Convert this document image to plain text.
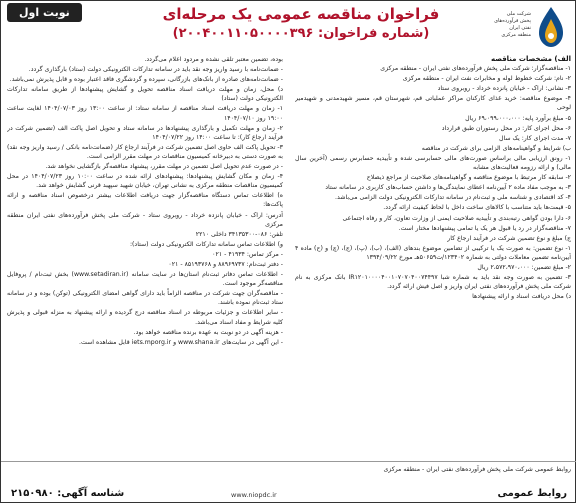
نوبت اول	فراخوان مناقصه عمومی یک مرحله‌ای
(شماره فراخوان: ۲۰۰۴۰۰۱۱۰۵۰۰۰۰۳۹۶)
شرکت ملی
پخش فرآورده‌های
نفتی ایران
منطقه مرکزی
الف) مشخصات مناقصه
۱- مناقصه‌گزار: شرکت ملی پخش فرآورده‌های نفتی ایران - منطقه مرکزی
۲- نام: شرکت خطوط لوله و مخابرات نفت ایران - منطقه مرکزی
۳- نشانی: اراک - خیابان پانزده خرداد - روبروی ستاد
۴- موضوع مناقصه: خرید غذای کارکنان مراکز عملیاتی قم، شهرستان قم، مسیر شهیدمدنی و شهیدمیر لوحی
۵- مبلغ برآورد پایه: ۶۹،۰۹۹،۰۰۰،۰۰۰ ریال
۶- محل اجرای کار: در محل رستوران طبق قرارداد
۷- مدت اجرای کار: یک سال
ب) شرایط و گواهینامه‌های الزامی برای شرکت در مناقصه
۱- رونق ارزیابی مالی براساس صورت‌های مالی حسابرسی شده و تأییدیه حسابرس رسمی (آخرین سال مالی) و ارائه رزومه فعالیت‌های مشابه
۲- سابقه کار مرتبط با موضوع مناقصه و گواهینامه‌های صلاحیت از مراجع ذیصلاح
۳- به موجب مفاد ماده ۲ آیین‌نامه اعطای نمایندگی‌ها و داشتن حساب‌های کاربری در سامانه ستاد
۴- کد اقتصادی و شناسه ملی و ثبت‌نام در سامانه تدارکات الکترونیکی دولت الزامی می‌باشد.
۵- قیمت‌ها باید متناسب با کالاهای ساخت داخل با لحاظ کیفیت ارائه گردد.
۶- دارا بودن گواهی رتبه‌بندی و تأییدیه صلاحیت ایمنی از وزارت تعاون، کار و رفاه اجتماعی
۷- مناقصه‌گزار در رد یا قبول هر یک یا تمامی پیشنهادها مختار است.
ج) مبلغ و نوع تضمین شرکت در فرآیند ارجاع کار
۱- نوع تضمین: به صورت یک یا ترکیبی از تضامین موضوع بندهای (الف)، (ب)، (پ)، (ج)، (چ) و (ح) ماده ۴ آیین‌نامه تضمین معاملات دولتی به شماره ۱۲۳۴۰۲/ت۵۰۶۵۹هـ مورخ ۱۳۹۴/۰۹/۲۲
۲- مبلغ تضمین: ۲،۵۷۲،۹۷۰،۰۰۰ ریال
۳- تضمین به صورت وجه نقد باید به شماره شبا IR۱۲۰۱۰۰۰۰۴۰۰۱۰۷۰۷۰۴۰۰۷۴۴۹۷ بانک مرکزی به نام شرکت ملی پخش فرآورده‌های نفتی ایران واریز و اصل فیش ارائه گردد.
د) محل دریافت اسناد و ارائه پیشنهادها
بوده، تضمین معتبر تلقی نشده و مردود اعلام می‌گردد.
- ضمانت‌نامه با رسید واریز وجه نقد باید در سامانه تدارکات الکترونیکی دولت (ستاد) بارگذاری گردد.
- ضمانت‌نامه‌های صادره از بانک‌های بازرگانی، سپرده و گردشگری فاقد اعتبار بوده و قابل پذیرش نمی‌باشد.
د) محل، زمان و مهلت دریافت اسناد مناقصه تحویل و گشایش پیشنهادها از طریق سامانه تدارکات الکترونیکی دولت (ستاد)
۱- زمان و مهلت دریافت اسناد مناقصه از سامانه ستاد: از ساعت ۱۳:۰۰ روز ۱۴۰۴/۰۷/۰۳ لغایت ساعت ۱۹:۰۰ روز ۱۴۰۴/۰۷/۱۰
۲- زمان و مهلت تکمیل و بارگذاری پیشنهادها در سامانه ستاد و تحویل اصل پاکت الف (تضمین شرکت در فرآیند ارجاع کار): تا ساعت ۱۴:۰۰ روز ۱۴۰۴/۰۷/۲۲
۳- تحویل پاکت الف حاوی اصل تضمین شرکت در فرآیند ارجاع کار (ضمانت‌نامه بانکی / رسید واریز وجه نقد) به صورت دستی به دبیرخانه کمیسیون مناقصات در مهلت مقرر الزامی است.
- در صورت عدم تحویل اصل تضمین در مهلت مقرر، پیشنهاد مناقصه‌گر بازگشایی نخواهد شد.
۴- زمان و مکان گشایش پیشنهادها: پیشنهادهای ارائه شده در ساعت ۱۰:۰۰ روز ۱۴۰۴/۰۷/۲۳ در محل کمیسیون مناقصات منطقه مرکزی به نشانی تهران، خیابان شهید سپهبد قرنی گشایش خواهد شد.
ه) اطلاعات تماس دستگاه مناقصه‌گزار جهت دریافت اطلاعات بیشتر درخصوص اسناد مناقصه و ارائه پاکت‌ها:
آدرس: اراک - خیابان پانزده خرداد - روبروی ستاد - شرکت ملی پخش فرآورده‌های نفتی ایران منطقه مرکزی
تلفن: ۰۸۶-۳۴۱۳۵۳۰۰ داخلی ۲۲۱۰
و) اطلاعات تماس سامانه تدارکات الکترونیکی دولت (ستاد):
- مرکز تماس: ۴۱۹۳۴ - ۰۲۱
- دفتر ثبت‌نام: ۸۸۹۶۹۷۳۷ و ۸۵۱۹۳۷۶۸ - ۰۲۱
- اطلاعات تماس دفاتر ثبت‌نام استان‌ها در سایت سامانه (www.setadiran.ir) بخش ثبت‌نام / پروفایل مناقصه‌گر موجود است.
- مناقصه‌گران جهت شرکت در مناقصه الزاماً باید دارای گواهی امضای الکترونیکی (توکن) بوده و در سامانه ستاد ثبت‌نام نموده باشند.
- سایر اطلاعات و جزئیات مربوطه در اسناد مناقصه درج گردیده و ارائه پیشنهاد به منزله قبولی و پذیرش کلیه شرایط و مفاد اسناد می‌باشد.
- هزینه آگهی در دو نوبت به عهده برنده مناقصه خواهد بود.
- این آگهی در سایت‌های www.shana.ir و iets.mporg.ir قابل مشاهده است.
روابط عمومی شرکت ملی پخش فرآورده‌های نفتی ایران - منطقه مرکزی
روابط عمومی
www.niopdc.ir
شناسه آگهی: ۲۱۵۰۹۸۰
